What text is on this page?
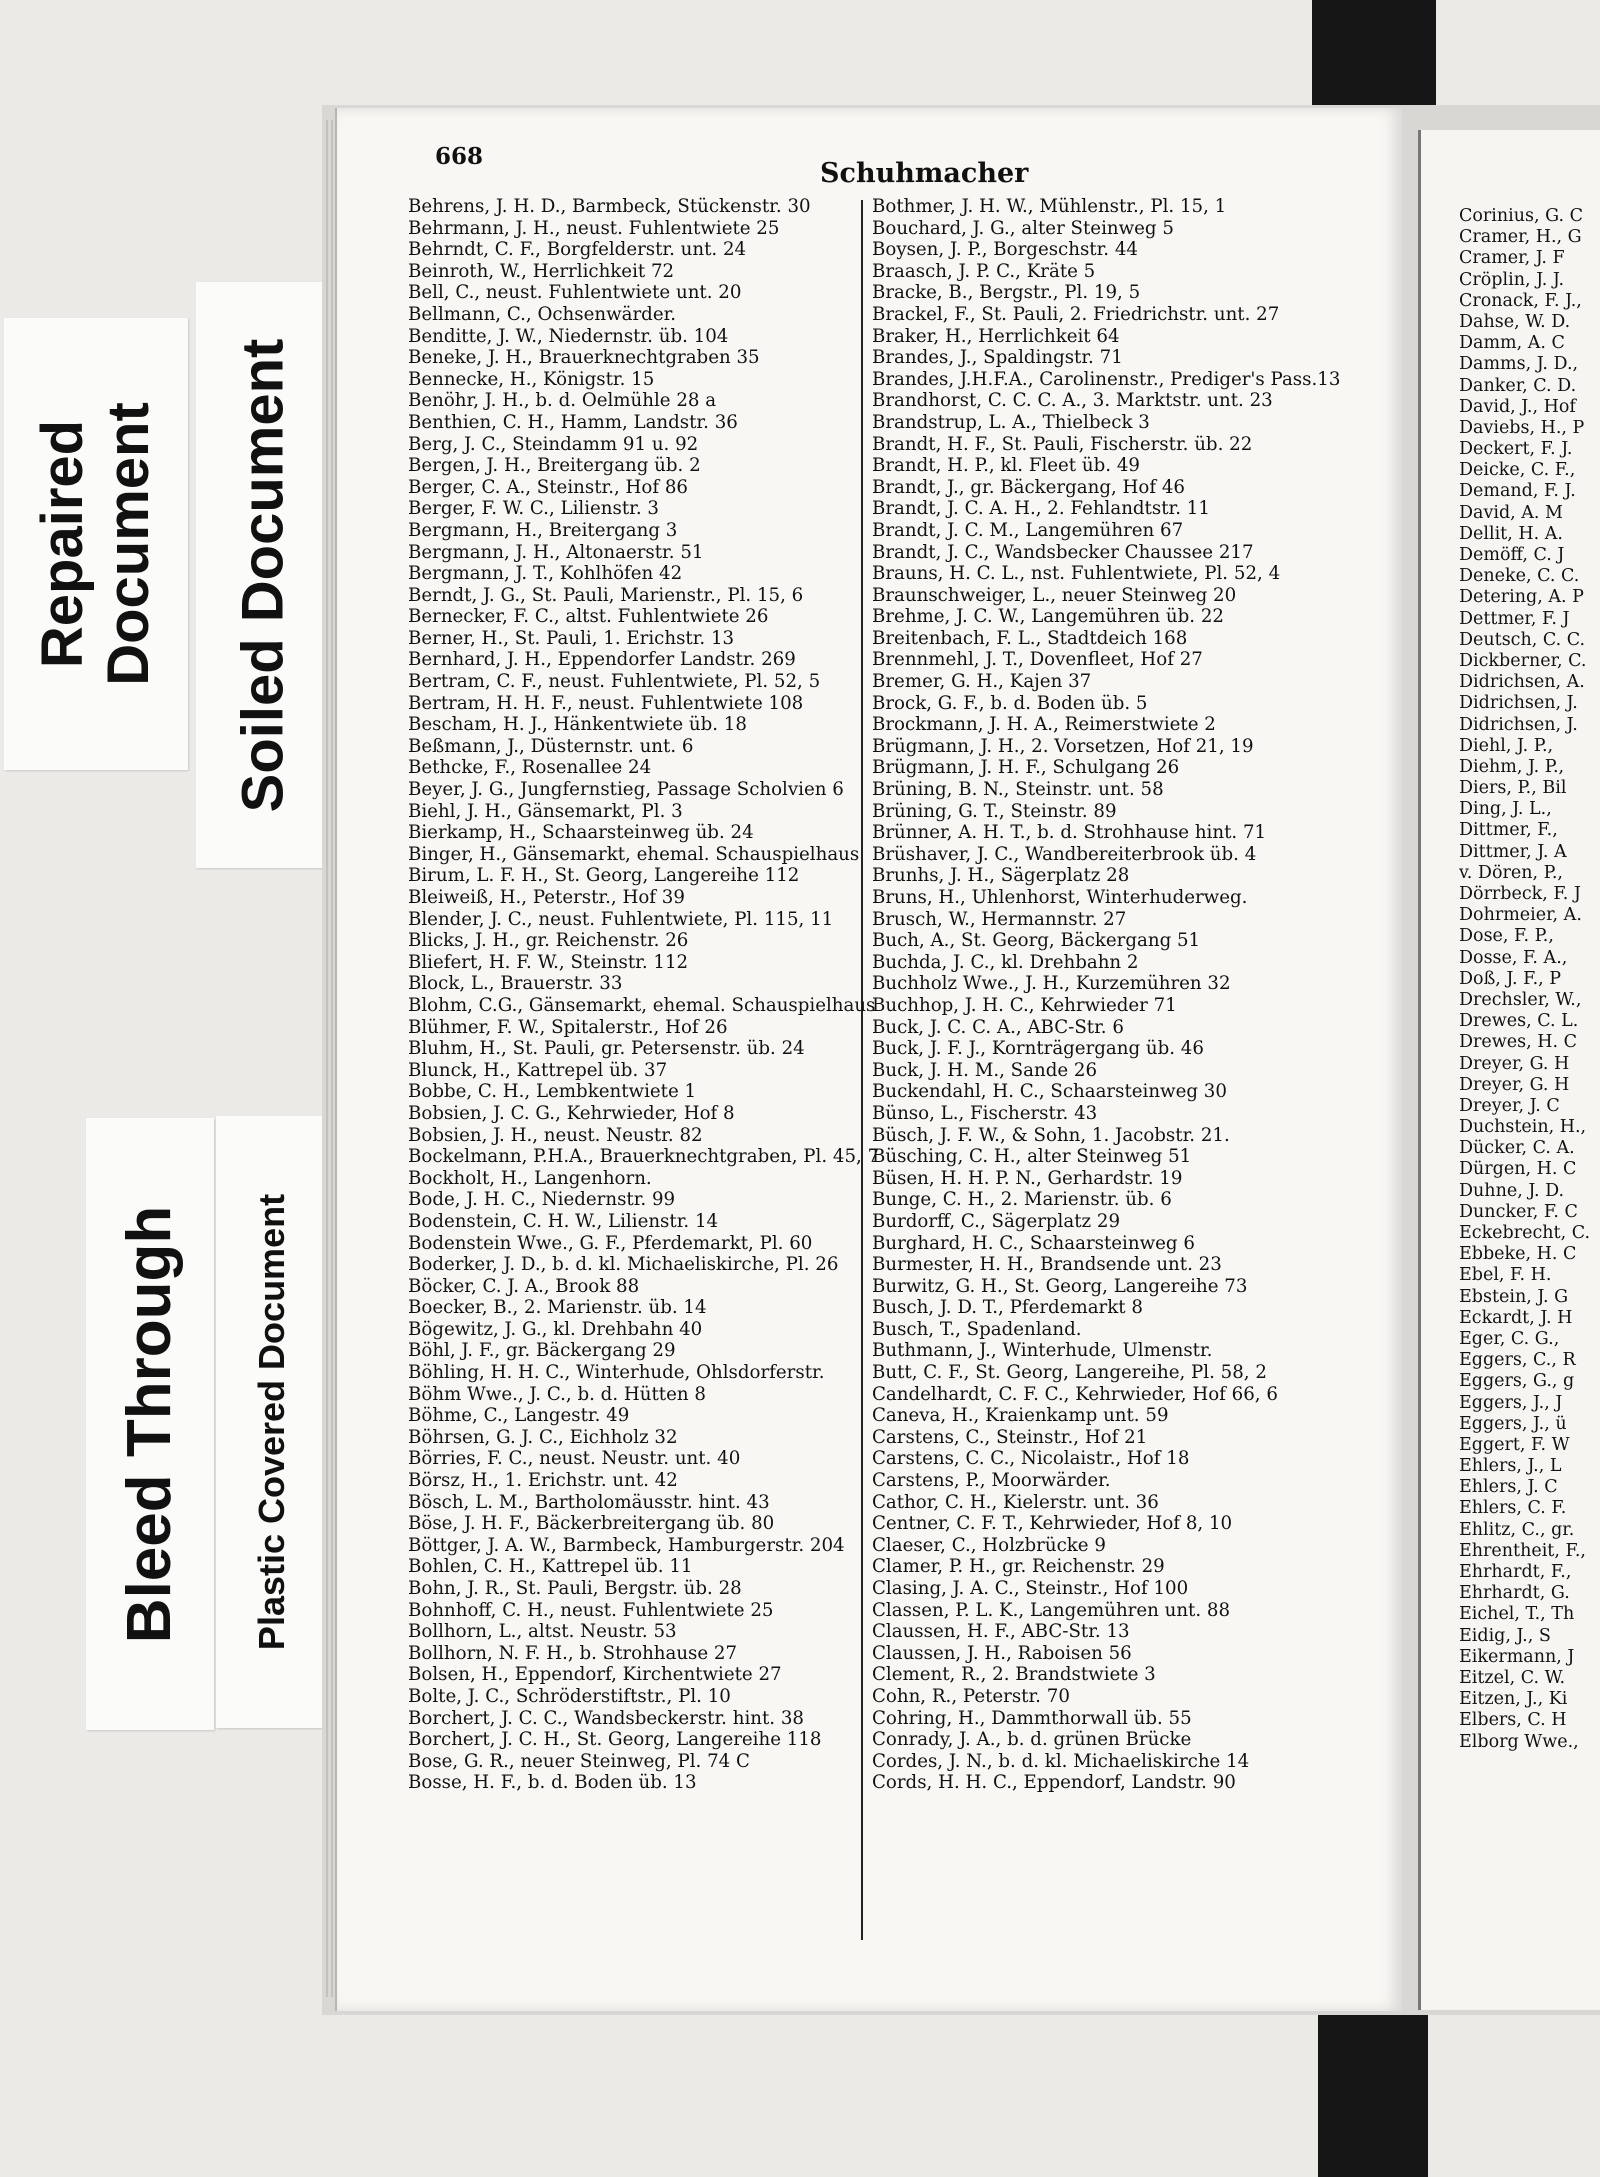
Repaired Document Soiled Document
Bleed Through Plastic Covered Document
668
Schuhmacher
Behrens, J. H. D., Barmbeck, Stückenstr. 30
Behrmann, J. H., neust. Fuhlentwiete 25
Behrndt, C. F., Borgfelderstr. unt. 24
Beinroth, W., Herrlichkeit 72
Bell, C., neust. Fuhlentwiete unt. 20
Bellmann, C., Ochsenwärder.
Benditte, J. W., Niedernstr. üb. 104
Beneke, J. H., Brauerknechtgraben 35
Bennecke, H., Königstr. 15
Benöhr, J. H., b. d. Oelmühle 28 a
Benthien, C. H., Hamm, Landstr. 36
Berg, J. C., Steindamm 91 u. 92
Bergen, J. H., Breitergang üb. 2
Berger, C. A., Steinstr., Hof 86
Berger, F. W. C., Lilienstr. 3
Bergmann, H., Breitergang 3
Bergmann, J. H., Altonaerstr. 51
Bergmann, J. T., Kohlhöfen 42
Berndt, J. G., St. Pauli, Marienstr., Pl. 15, 6
Bernecker, F. C., altst. Fuhlentwiete 26
Berner, H., St. Pauli, 1. Erichstr. 13
Bernhard, J. H., Eppendorfer Landstr. 269
Bertram, C. F., neust. Fuhlentwiete, Pl. 52, 5
Bertram, H. H. F., neust. Fuhlentwiete 108
Bescham, H. J., Hänkentwiete üb. 18
Beßmann, J., Düsternstr. unt. 6
Bethcke, F., Rosenallee 24
Beyer, J. G., Jungfernstieg, Passage Scholvien 6
Biehl, J. H., Gänsemarkt, Pl. 3
Bierkamp, H., Schaarsteinweg üb. 24
Binger, H., Gänsemarkt, ehemal. Schauspielhaus
Birum, L. F. H., St. Georg, Langereihe 112
Bleiweiß, H., Peterstr., Hof 39
Blender, J. C., neust. Fuhlentwiete, Pl. 115, 11
Blicks, J. H., gr. Reichenstr. 26
Bliefert, H. F. W., Steinstr. 112
Block, L., Brauerstr. 33
Blohm, C.G., Gänsemarkt, ehemal. Schauspielhaus
Blühmer, F. W., Spitalerstr., Hof 26
Bluhm, H., St. Pauli, gr. Petersenstr. üb. 24
Blunck, H., Kattrepel üb. 37
Bobbe, C. H., Lembkentwiete 1
Bobsien, J. C. G., Kehrwieder, Hof 8
Bobsien, J. H., neust. Neustr. 82
Bockelmann, P.H.A., Brauerknechtgraben, Pl. 45, 7
Bockholt, H., Langenhorn.
Bode, J. H. C., Niedernstr. 99
Bodenstein, C. H. W., Lilienstr. 14
Bodenstein Wwe., G. F., Pferdemarkt, Pl. 60
Boderker, J. D., b. d. kl. Michaeliskirche, Pl. 26
Böcker, C. J. A., Brook 88
Boecker, B., 2. Marienstr. üb. 14
Bögewitz, J. G., kl. Drehbahn 40
Böhl, J. F., gr. Bäckergang 29
Böhling, H. H. C., Winterhude, Ohlsdorferstr.
Böhm Wwe., J. C., b. d. Hütten 8
Böhme, C., Langestr. 49
Böhrsen, G. J. C., Eichholz 32
Börries, F. C., neust. Neustr. unt. 40
Börsz, H., 1. Erichstr. unt. 42
Bösch, L. M., Bartholomäusstr. hint. 43
Böse, J. H. F., Bäckerbreitergang üb. 80
Böttger, J. A. W., Barmbeck, Hamburgerstr. 204
Bohlen, C. H., Kattrepel üb. 11
Bohn, J. R., St. Pauli, Bergstr. üb. 28
Bohnhoff, C. H., neust. Fuhlentwiete 25
Bollhorn, L., altst. Neustr. 53
Bollhorn, N. F. H., b. Strohhause 27
Bolsen, H., Eppendorf, Kirchentwiete 27
Bolte, J. C., Schröderstiftstr., Pl. 10
Borchert, J. C. C., Wandsbeckerstr. hint. 38
Borchert, J. C. H., St. Georg, Langereihe 118
Bose, G. R., neuer Steinweg, Pl. 74 C
Bosse, H. F., b. d. Boden üb. 13
Bothmer, J. H. W., Mühlenstr., Pl. 15, 1
Bouchard, J. G., alter Steinweg 5
Boysen, J. P., Borgeschstr. 44
Braasch, J. P. C., Kräte 5
Bracke, B., Bergstr., Pl. 19, 5
Brackel, F., St. Pauli, 2. Friedrichstr. unt. 27
Braker, H., Herrlichkeit 64
Brandes, J., Spaldingstr. 71
Brandes, J.H.F.A., Carolinenstr., Prediger's Pass.13
Brandhorst, C. C. C. A., 3. Marktstr. unt. 23
Brandstrup, L. A., Thielbeck 3
Brandt, H. F., St. Pauli, Fischerstr. üb. 22
Brandt, H. P., kl. Fleet üb. 49
Brandt, J., gr. Bäckergang, Hof 46
Brandt, J. C. A. H., 2. Fehlandtstr. 11
Brandt, J. C. M., Langemühren 67
Brandt, J. C., Wandsbecker Chaussee 217
Brauns, H. C. L., nst. Fuhlentwiete, Pl. 52, 4
Braunschweiger, L., neuer Steinweg 20
Brehme, J. C. W., Langemühren üb. 22
Breitenbach, F. L., Stadtdeich 168
Brennmehl, J. T., Dovenfleet, Hof 27
Bremer, G. H., Kajen 37
Brock, G. F., b. d. Boden üb. 5
Brockmann, J. H. A., Reimerstwiete 2
Brügmann, J. H., 2. Vorsetzen, Hof 21, 19
Brügmann, J. H. F., Schulgang 26
Brüning, B. N., Steinstr. unt. 58
Brüning, G. T., Steinstr. 89
Brünner, A. H. T., b. d. Strohhause hint. 71
Brüshaver, J. C., Wandbereiterbrook üb. 4
Brunhs, J. H., Sägerplatz 28
Bruns, H., Uhlenhorst, Winterhuderweg.
Brusch, W., Hermannstr. 27
Buch, A., St. Georg, Bäckergang 51
Buchda, J. C., kl. Drehbahn 2
Buchholz Wwe., J. H., Kurzemühren 32
Buchhop, J. H. C., Kehrwieder 71
Buck, J. C. C. A., ABC-Str. 6
Buck, J. F. J., Kornträgergang üb. 46
Buck, J. H. M., Sande 26
Buckendahl, H. C., Schaarsteinweg 30
Bünso, L., Fischerstr. 43
Büsch, J. F. W., & Sohn, 1. Jacobstr. 21.
Büsching, C. H., alter Steinweg 51
Büsen, H. H. P. N., Gerhardstr. 19
Bunge, C. H., 2. Marienstr. üb. 6
Burdorff, C., Sägerplatz 29
Burghard, H. C., Schaarsteinweg 6
Burmester, H. H., Brandsende unt. 23
Burwitz, G. H., St. Georg, Langereihe 73
Busch, J. D. T., Pferdemarkt 8
Busch, T., Spadenland.
Buthmann, J., Winterhude, Ulmenstr.
Butt, C. F., St. Georg, Langereihe, Pl. 58, 2
Candelhardt, C. F. C., Kehrwieder, Hof 66, 6
Caneva, H., Kraienkamp unt. 59
Carstens, C., Steinstr., Hof 21
Carstens, C. C., Nicolaistr., Hof 18
Carstens, P., Moorwärder.
Cathor, C. H., Kielerstr. unt. 36
Centner, C. F. T., Kehrwieder, Hof 8, 10
Claeser, C., Holzbrücke 9
Clamer, P. H., gr. Reichenstr. 29
Clasing, J. A. C., Steinstr., Hof 100
Classen, P. L. K., Langemühren unt. 88
Claussen, H. F., ABC-Str. 13
Claussen, J. H., Raboisen 56
Clement, R., 2. Brandstwiete 3
Cohn, R., Peterstr. 70
Cohring, H., Dammthorwall üb. 55
Conrady, J. A., b. d. grünen Brücke
Cordes, J. N., b. d. kl. Michaeliskirche 14
Cords, H. H. C., Eppendorf, Landstr. 90
Corinius, G. C
Cramer, H., G
Cramer, J. F
Cröplin, J. J.
Cronack, F. J.,
Dahse, W. D.
Damm, A. C
Damms, J. D.,
Danker, C. D.
David, J., Hof
Daviebs, H., P
Deckert, F. J.
Deicke, C. F.,
Demand, F. J.
David, A. M
Dellit, H. A.
Demöff, C. J
Deneke, C. C.
Detering, A. P
Dettmer, F. J
Deutsch, C. C.
Dickberner, C.
Didrichsen, A.
Didrichsen, J.
Didrichsen, J.
Diehl, J. P.,
Diehm, J. P.,
Diers, P., Bil
Ding, J. L.,
Dittmer, F.,
Dittmer, J. A
v. Dören, P.,
Dörrbeck, F. J
Dohrmeier, A.
Dose, F. P.,
Dosse, F. A.,
Doß, J. F., P
Drechsler, W.,
Drewes, C. L.
Drewes, H. C
Dreyer, G. H
Dreyer, G. H
Dreyer, J. C
Duchstein, H.,
Dücker, C. A.
Dürgen, H. C
Duhne, J. D.
Duncker, F. C
Eckebrecht, C.
Ebbeke, H. C
Ebel, F. H.
Ebstein, J. G
Eckardt, J. H
Eger, C. G.,
Eggers, C., R
Eggers, G., g
Eggers, J., J
Eggers, J., ü
Eggert, F. W
Ehlers, J., L
Ehlers, J. C
Ehlers, C. F.
Ehlitz, C., gr.
Ehrentheit, F.,
Ehrhardt, F.,
Ehrhardt, G.
Eichel, T., Th
Eidig, J., S
Eikermann, J
Eitzel, C. W.
Eitzen, J., Ki
Elbers, C. H
Elborg Wwe.,
